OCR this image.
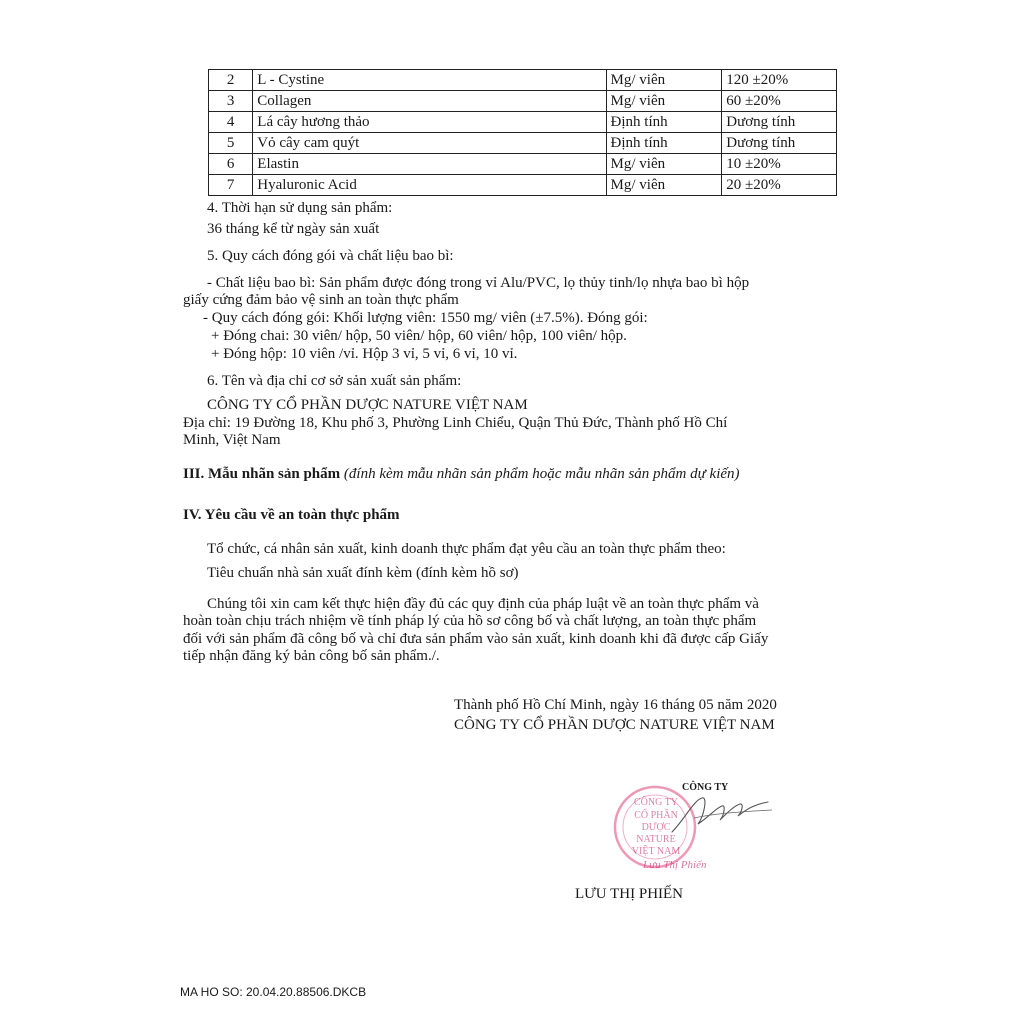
2	L - Cystine	Mg/ viên	120 ±20%
3	Collagen	Mg/ viên	60 ±20%
4	Lá cây hương thảo	Định tính	Dương tính
5	Vỏ cây cam quýt	Định tính	Dương tính
6	Elastin	Mg/ viên	10 ±20%
7	Hyaluronic Acid	Mg/ viên	20 ±20%
4. Thời hạn sử dụng sản phẩm:
36 tháng kể từ ngày sản xuất
5. Quy cách đóng gói và chất liệu bao bì:
- Chất liệu bao bì: Sản phẩm được đóng trong vỉ Alu/PVC, lọ thủy tinh/lọ nhựa bao bì hộp
giấy cứng đảm bảo vệ sinh an toàn thực phẩm
- Quy cách đóng gói: Khối lượng viên: 1550 mg/ viên (±7.5%). Đóng gói:
+ Đóng chai: 30 viên/ hộp, 50 viên/ hộp, 60 viên/ hộp, 100 viên/ hộp.
+ Đóng hộp: 10 viên /vỉ. Hộp 3 vỉ, 5 vỉ, 6 vỉ, 10 vỉ.
6. Tên và địa chỉ cơ sở sản xuất sản phẩm:
CÔNG TY CỔ PHẦN DƯỢC NATURE VIỆT NAM
Địa chỉ: 19 Đường 18, Khu phố 3, Phường Linh Chiểu, Quận Thủ Đức, Thành phố Hồ Chí
Minh, Việt Nam
III. Mẫu nhãn sản phẩm (đính kèm mẫu nhãn sản phẩm hoặc mẫu nhãn sản phẩm dự kiến)
IV. Yêu cầu về an toàn thực phẩm
Tổ chức, cá nhân sản xuất, kinh doanh thực phẩm đạt yêu cầu an toàn thực phẩm theo:
Tiêu chuẩn nhà sản xuất đính kèm (đính kèm hồ sơ)
Chúng tôi xin cam kết thực hiện đầy đủ các quy định của pháp luật về an toàn thực phẩm và
hoàn toàn chịu trách nhiệm về tính pháp lý của hồ sơ công bố và chất lượng, an toàn thực phẩm
đối với sản phẩm đã công bố và chỉ đưa sản phẩm vào sản xuất, kinh doanh khi đã được cấp Giấy
tiếp nhận đăng ký bản công bố sản phẩm./.
Thành phố Hồ Chí Minh, ngày 16 tháng 05 năm 2020
CÔNG TY CỔ PHẦN DƯỢC NATURE VIỆT NAM
CÔNG TY
CỔ PHẦN
DƯỢC
NATURE
VIỆT NAM
CÔNG TY
Lưu Thị Phiến
LƯU THỊ PHIẾN
MA HO SO: 20.04.20.88506.DKCB
